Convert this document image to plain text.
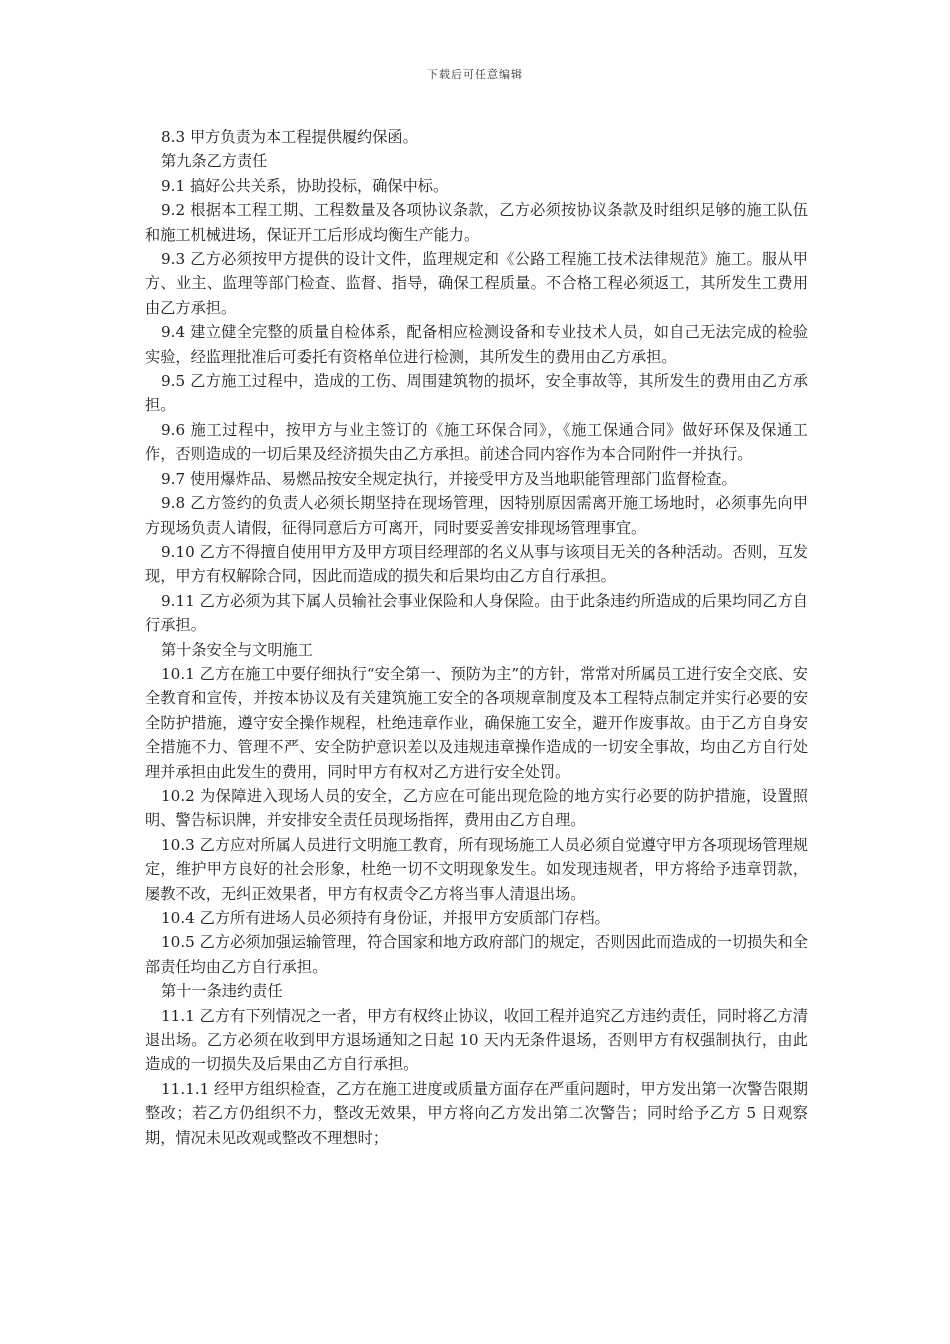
下载后可任意编辑

8.3 甲方负责为本工程提供履约保函。

第九条乙方责任

9.1 搞好公共关系，协助投标，确保中标。

9.2 根据本工程工期、工程数量及各项协议条款，乙方必须按协议条款及时组织足够的施工队伍和施工机械进场，保证开工后形成均衡生产能力。

9.3 乙方必须按甲方提供的设计文件，监理规定和《公路工程施工技术法律规范》施工。服从甲方、业主、监理等部门检查、监督、指导，确保工程质量。不合格工程必须返工，其所发生工费用由乙方承担。

9.4 建立健全完整的质量自检体系，配备相应检测设备和专业技术人员，如自己无法完成的检验实验，经监理批准后可委托有资格单位进行检测，其所发生的费用由乙方承担。

9.5 乙方施工过程中，造成的工伤、周围建筑物的损坏，安全事故等，其所发生的费用由乙方承担。

9.6 施工过程中，按甲方与业主签订的《施工环保合同》，《施工保通合同》做好环保及保通工作，否则造成的一切后果及经济损失由乙方承担。前述合同内容作为本合同附件一并执行。

9.7 使用爆炸品、易燃品按安全规定执行，并接受甲方及当地职能管理部门监督检查。

9.8 乙方签约的负责人必须长期坚持在现场管理，因特别原因需离开施工场地时，必须事先向甲方现场负责人请假，征得同意后方可离开，同时要妥善安排现场管理事宜。

9.10 乙方不得擅自使用甲方及甲方项目经理部的名义从事与该项目无关的各种活动。否则，互发现，甲方有权解除合同，因此而造成的损失和后果均由乙方自行承担。

9.11 乙方必须为其下属人员输社会事业保险和人身保险。由于此条违约所造成的后果均同乙方自行承担。

第十条安全与文明施工

10.1 乙方在施工中要仔细执行“安全第一、预防为主”的方针，常常对所属员工进行安全交底、安全教育和宣传，并按本协议及有关建筑施工安全的各项规章制度及本工程特点制定并实行必要的安全防护措施，遵守安全操作规程，杜绝违章作业，确保施工安全，避开作废事故。由于乙方自身安全措施不力、管理不严、安全防护意识差以及违规违章操作造成的一切安全事故，均由乙方自行处理并承担由此发生的费用，同时甲方有权对乙方进行安全处罚。

10.2 为保障进入现场人员的安全，乙方应在可能出现危险的地方实行必要的防护措施，设置照明、警告标识牌，并安排安全责任员现场指挥，费用由乙方自理。

10.3 乙方应对所属人员进行文明施工教育，所有现场施工人员必须自觉遵守甲方各项现场管理规定，维护甲方良好的社会形象，杜绝一切不文明现象发生。如发现违规者，甲方将给予违章罚款，屡教不改，无纠正效果者，甲方有权责令乙方将当事人清退出场。

10.4 乙方所有进场人员必须持有身份证，并报甲方安质部门存档。

10.5 乙方必须加强运输管理，符合国家和地方政府部门的规定，否则因此而造成的一切损失和全部责任均由乙方自行承担。

第十一条违约责任

11.1 乙方有下列情况之一者，甲方有权终止协议，收回工程并追究乙方违约责任，同时将乙方清退出场。乙方必须在收到甲方退场通知之日起 10 天内无条件退场，否则甲方有权强制执行，由此造成的一切损失及后果由乙方自行承担。

11.1.1 经甲方组织检查，乙方在施工进度或质量方面存在严重问题时，甲方发出第一次警告限期整改；若乙方仍组织不力，整改无效果，甲方将向乙方发出第二次警告；同时给予乙方 5 日观察期，情况未见改观或整改不理想时；
